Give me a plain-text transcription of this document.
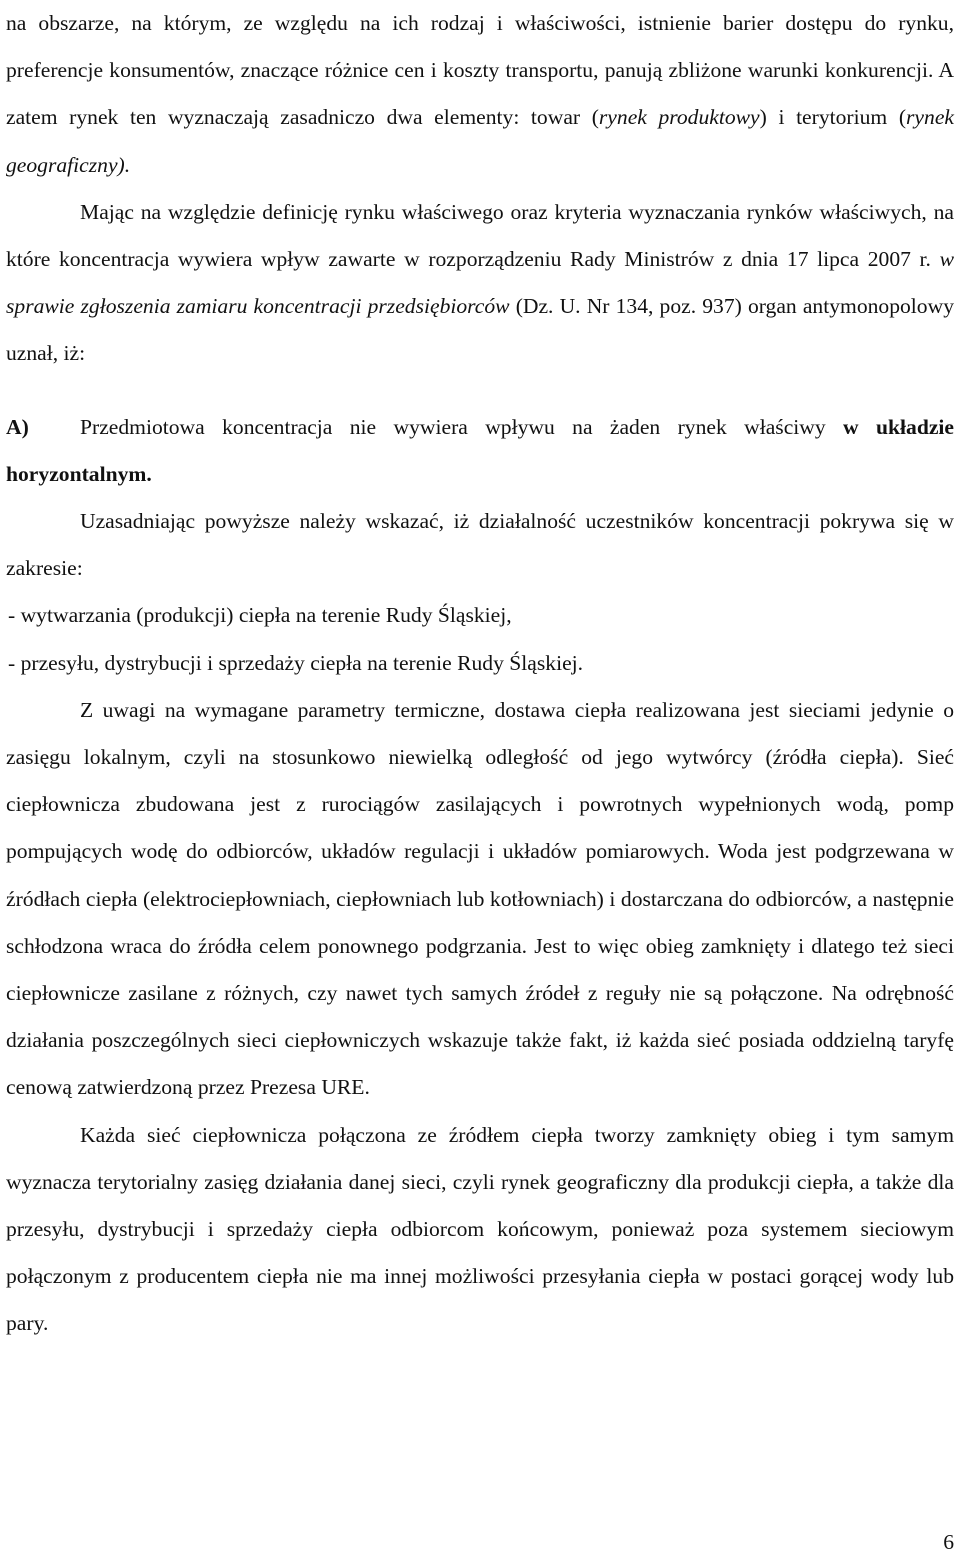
na obszarze, na którym, ze względu na ich rodzaj i właściwości, istnienie barier dostępu do rynku, preferencje konsumentów, znaczące różnice cen i koszty transportu, panują zbliżone warunki konkurencji. A zatem rynek ten wyznaczają zasadniczo dwa elementy: towar (rynek produktowy) i terytorium (rynek geograficzny).

Mając na względzie definicję rynku właściwego oraz kryteria wyznaczania rynków właściwych, na które koncentracja wywiera wpływ zawarte w rozporządzeniu Rady Ministrów z dnia 17 lipca 2007 r. w sprawie zgłoszenia zamiaru koncentracji przedsiębiorców (Dz. U. Nr 134, poz. 937) organ antymonopolowy uznał, iż:

A) Przedmiotowa koncentracja nie wywiera wpływu na żaden rynek właściwy w układzie horyzontalnym.

Uzasadniając powyższe należy wskazać, iż działalność uczestników koncentracji pokrywa się w zakresie:

- wytwarzania (produkcji) ciepła na terenie Rudy Śląskiej,

- przesyłu, dystrybucji i sprzedaży ciepła na terenie Rudy Śląskiej.

Z uwagi na wymagane parametry termiczne, dostawa ciepła realizowana jest sieciami jedynie o zasięgu lokalnym, czyli na stosunkowo niewielką odległość od jego wytwórcy (źródła ciepła). Sieć ciepłownicza zbudowana jest z rurociągów zasilających i powrotnych wypełnionych wodą, pomp pompujących wodę do odbiorców, układów regulacji i układów pomiarowych. Woda jest podgrzewana w źródłach ciepła (elektrociepłowniach, ciepłowniach lub kotłowniach) i dostarczana do odbiorców, a następnie schłodzona wraca do źródła celem ponownego podgrzania. Jest to więc obieg zamknięty i dlatego też sieci ciepłownicze zasilane z różnych, czy nawet tych samych źródeł z reguły nie są połączone. Na odrębność działania poszczególnych sieci ciepłowniczych wskazuje także fakt, iż każda sieć posiada oddzielną taryfę cenową zatwierdzoną przez Prezesa URE.

Każda sieć ciepłownicza połączona ze źródłem ciepła tworzy zamknięty obieg i tym samym wyznacza terytorialny zasięg działania danej sieci, czyli rynek geograficzny dla produkcji ciepła, a także dla przesyłu, dystrybucji i sprzedaży ciepła odbiorcom końcowym, ponieważ poza systemem sieciowym połączonym z producentem ciepła nie ma innej możliwości przesyłania ciepła w postaci gorącej wody lub pary.

6
